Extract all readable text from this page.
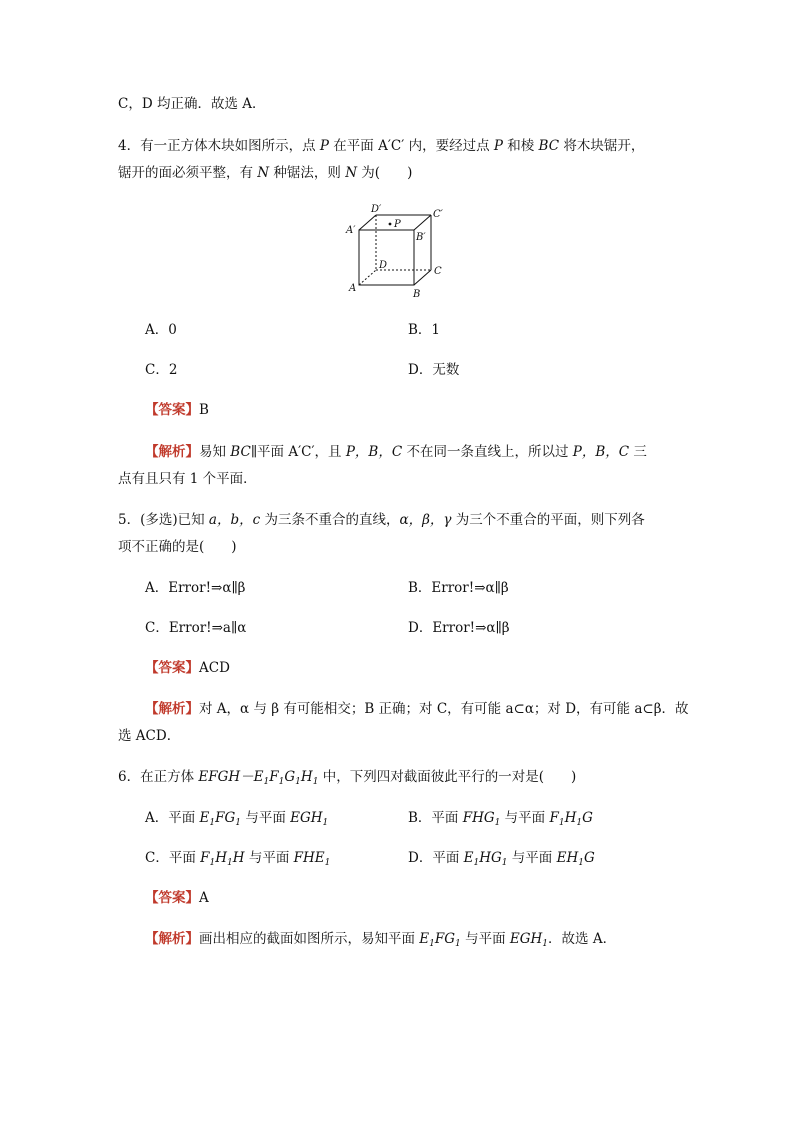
C，D 均正确．故选 A．
4．有一正方体木块如图所示，点 P 在平面 A′C′ 内，要经过点 P 和棱 BC 将木块锯开，
锯开的面必须平整，有 N 种锯法，则 N 为(　　)
D′	C′
A′
B′
P
D
C
A
B
A．0	B．1
C．2	D．无数
【答案】B
【解析】易知 BC∥平面 A′C′，且 P，B，C 不在同一条直线上，所以过 P，B，C 三
点有且只有 1 个平面．
5．(多选)已知 a，b，c 为三条不重合的直线，α，β，γ 为三个不重合的平面，则下列各
项不正确的是(　　)
A．Error!⇒α∥β	B．Error!⇒α∥β
C．Error!⇒a∥α	D．Error!⇒α∥β
【答案】ACD
【解析】对 A，α 与 β 有可能相交；B 正确；对 C，有可能 a⊂α；对 D，有可能 a⊂β．故
选 ACD．
6．在正方体 $EFGH-E_1F_1G_1H_1$ 中，下列四对截面彼此平行的一对是(　　)
A．平面 $E_1FG_1$ 与平面 $EGH_1$	B．平面 $FHG_1$ 与平面 $F_1H_1G$
C．平面 $F_1H_1H$ 与平面 $FHE_1$	D．平面 $E_1HG_1$ 与平面 $EH_1G$
【答案】A
【解析】画出相应的截面如图所示，易知平面 $E_1FG_1$ 与平面 $EGH_1$．故选 A．
